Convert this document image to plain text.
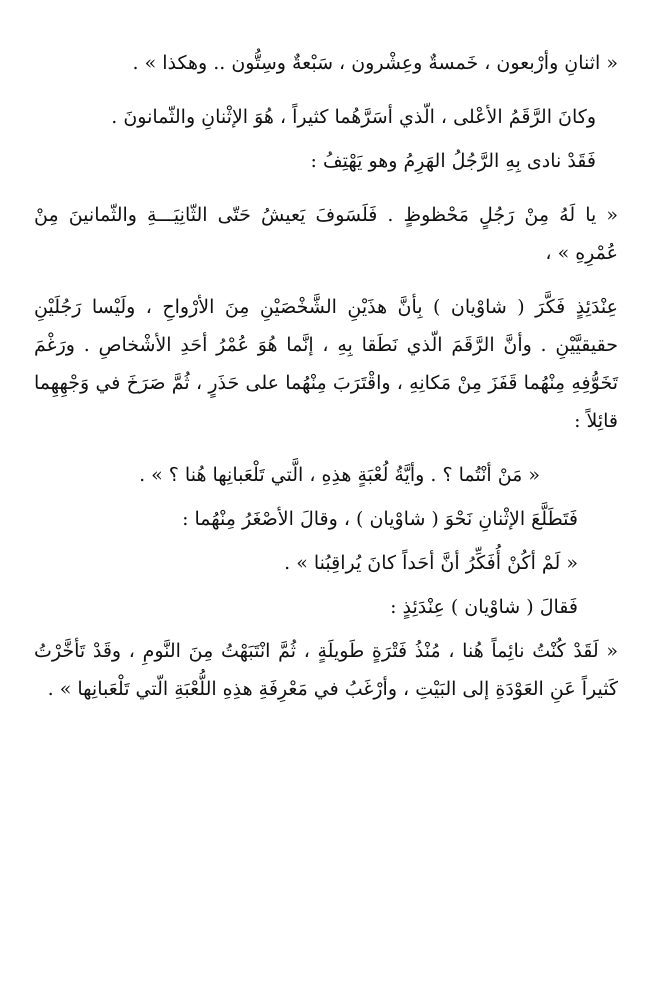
« اثنانِ وأرْبعون ، خَمسةٌ وعِشْرون ، سَبْعةٌ وسِتُّون .. وهكذا » .

وكانَ الرَّقَمُ الأعْلى ، الّذي أسَرَّهُما كثيراً ، هُوَ الإثْنانِ والثّمانونَ .

فَقَدْ نادى بِهِ الرَّجُلُ الهَرِمُ وهو يَهْتِفُ :

« يا لَهُ مِنْ رَجُلٍ مَحْظوظٍ . فَلَسَوفَ يَعيشُ حَتّى الثّانِيَـــةِ والثّمانينَ مِنْ عُمْرِهِ » ،

عِنْدَئِذٍ فَكَّرَ ( شاوْيان ) بِأنَّ هذَيْنِ الشَّخْصَيْنِ مِنَ الأرْواحِ ، ولَيْسا رَجُلَيْنِ حقيقيَّيْنِ . وأنَّ الرَّقَمَ الّذي نَطَقا بِهِ ، إنَّما هُوَ عُمْرُ أحَدِ الأشْخاصِ . ورَغْمَ تَخَوُّفِهِ مِنْهُما قَفَزَ مِنْ مَكانِهِ ، واقْتَرَبَ مِنْهُما على حَذَرٍ ، ثُمَّ صَرَخَ في وَجْهِهِما قائِلاً :

« مَنْ أنْتُما ؟ . وأيَّةُ لُعْبَةٍ هذِهِ ، الَّتي تَلْعَبانِها هُنا ؟ » .

فَتَطَلَّعَ الإثْنانِ نَحْوَ ( شاوْيان ) ، وقالَ الأصْغَرُ مِنْهُما :

« لَمْ أكُنْ أُفَكِّرُ أنَّ أحَداً كانَ يُراقِبُنا » .

فَقالَ ( شاوْيان ) عِنْدَئِذٍ :

« لَقَدْ كُنْتُ نائِماً هُنا ، مُنْذُ فَتْرَةٍ طَويلَةٍ ، ثُمَّ انْتَبَهْتُ مِنَ النَّومِ ، وقَدْ تَأخَّرْتُ كَثيراً عَنِ العَوْدَةِ إلى البَيْتِ ، وأرْغَبُ في مَعْرِفَةِ هذِهِ اللُّعْبَةِ الّتي تَلْعَبانِها » .
